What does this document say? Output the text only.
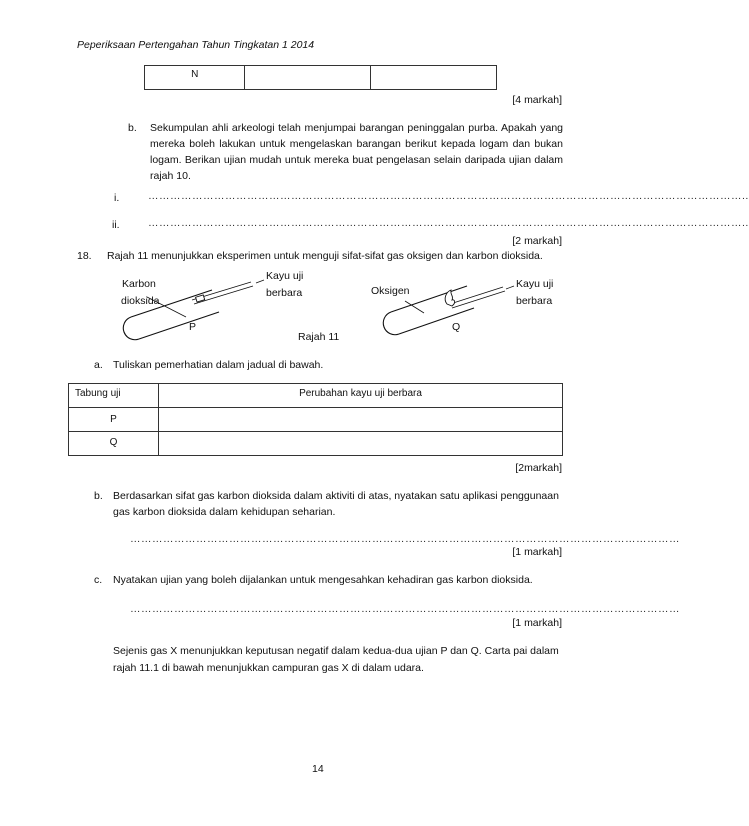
Peperiksaan Pertengahan Tahun Tingkatan 1 2014
N		
[4 markah]
b. Sekumpulan ahli arkeologi telah menjumpai barangan peninggalan purba. Apakah yang mereka boleh lakukan untuk mengelaskan barangan berikut kepada logam dan bukan logam. Berikan ujian mudah untuk mereka buat pengelasan selain daripada ujian dalam rajah 10.
i.	………………………………………………………………………………………………………………………………………………..
ii.	………………………………………………………………………………………………………………………………………………..
[2 markah]
18. Rajah 11 menunjukkan eksperimen untuk menguji sifat-sifat gas oksigen dan karbon dioksida.
Karbon
dioksida
Kayu uji
berbara	Oksigen
Kayu uji
berbara
P	Q
Rajah 11
a. Tuliskan pemerhatian dalam jadual di bawah.
Tabung uji	Perubahan kayu uji berbara
P	
Q	
[2markah]
b. Berdasarkan sifat gas karbon dioksida dalam aktiviti di atas, nyatakan satu aplikasi penggunaan gas karbon dioksida dalam kehidupan seharian.
……………………………………………………………………………………………………………………………………
[1 markah]
c. Nyatakan ujian yang boleh dijalankan untuk mengesahkan kehadiran gas karbon dioksida.
……………………………………………………………………………………………………………………………………
[1 markah]
Sejenis gas X menunjukkan keputusan negatif dalam kedua-dua ujian P dan Q. Carta pai dalam rajah 11.1 di bawah menunjukkan campuran gas X di dalam udara.
14
